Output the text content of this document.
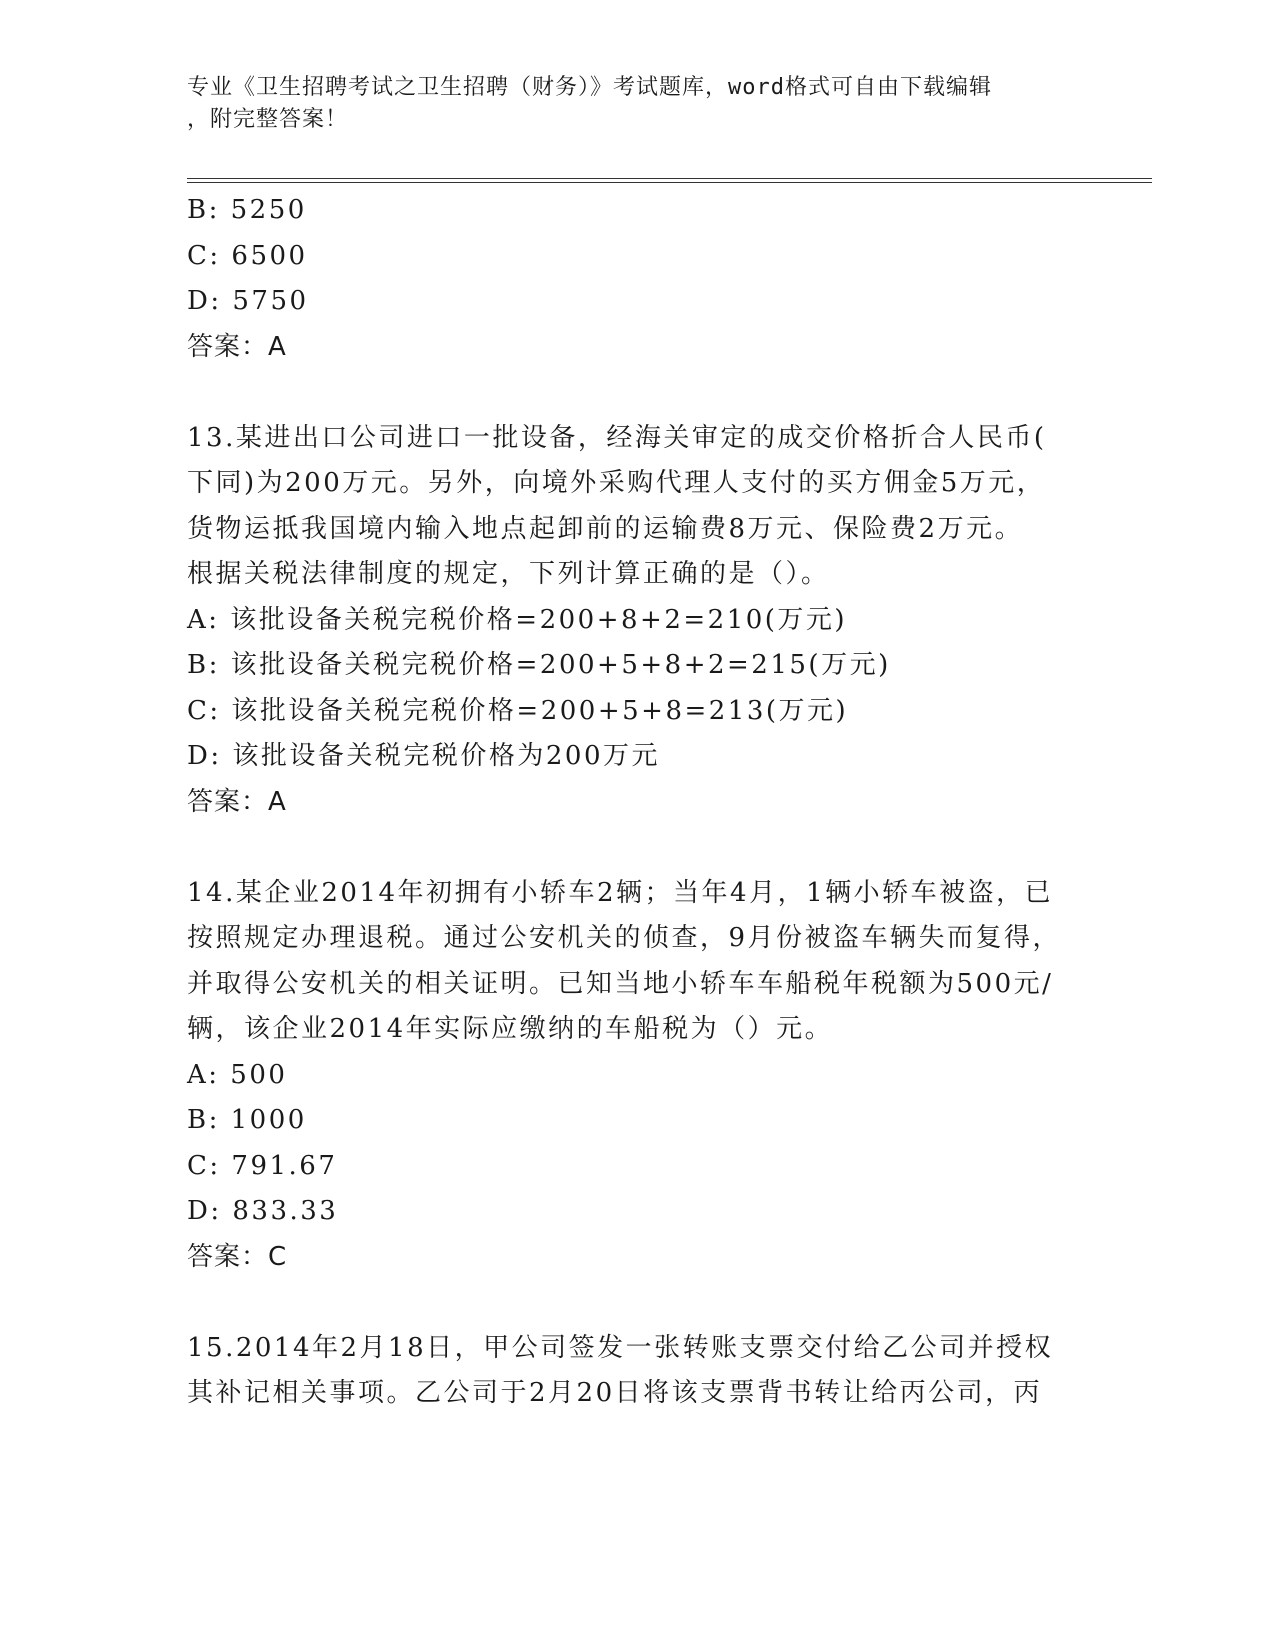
专业《卫生招聘考试之卫生招聘（财务）》考试题库，word格式可自由下载编辑
，附完整答案！
B: 5250
C: 6500
D: 5750
答案：A
13.某进出口公司进口一批设备，经海关审定的成交价格折合人民币(
下同)为200万元。另外，向境外采购代理人支付的买方佣金5万元，
货物运抵我国境内输入地点起卸前的运输费8万元、保险费2万元。
根据关税法律制度的规定，下列计算正确的是（）。
A: 该批设备关税完税价格=200+8+2=210(万元)
B: 该批设备关税完税价格=200+5+8+2=215(万元)
C: 该批设备关税完税价格=200+5+8=213(万元)
D: 该批设备关税完税价格为200万元
答案：A
14.某企业2014年初拥有小轿车2辆；当年4月，1辆小轿车被盗，已
按照规定办理退税。通过公安机关的侦查，9月份被盗车辆失而复得，
并取得公安机关的相关证明。已知当地小轿车车船税年税额为500元/
辆，该企业2014年实际应缴纳的车船税为（）元。
A: 500
B: 1000
C: 791.67
D: 833.33
答案：C
15.2014年2月18日，甲公司签发一张转账支票交付给乙公司并授权
其补记相关事项。乙公司于2月20日将该支票背书转让给丙公司，丙
